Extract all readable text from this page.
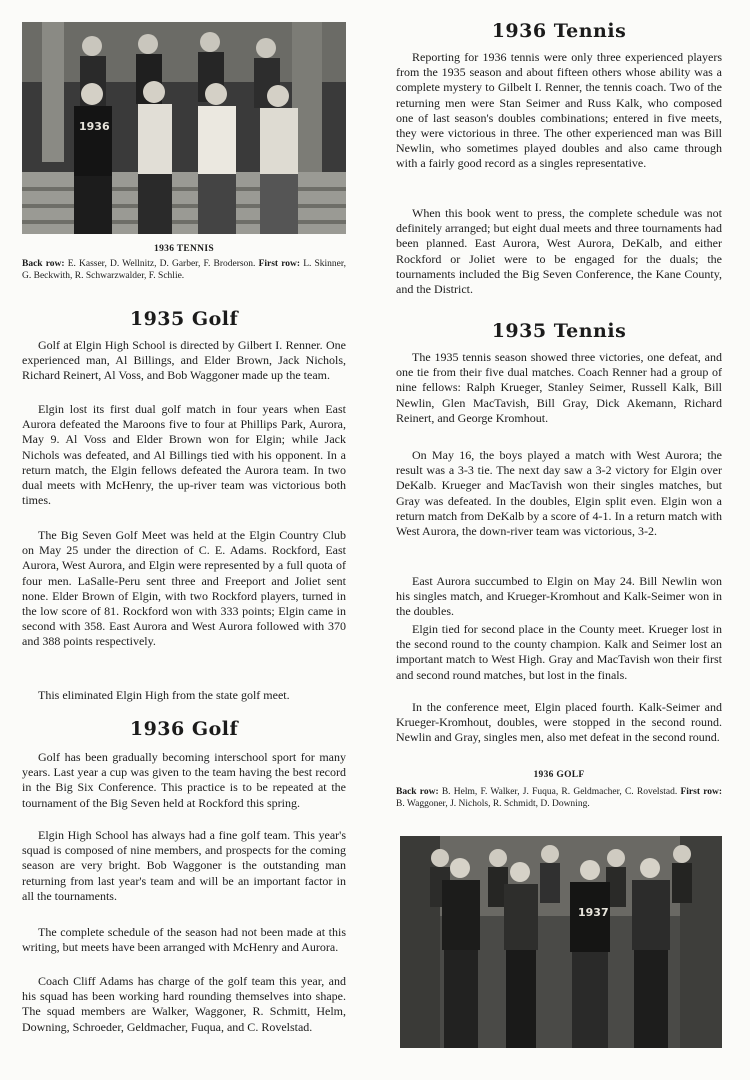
1936
1936 TENNIS
Back row: E. Kasser, D. Wellnitz, D. Garber, F. Broderson. First row: L. Skinner, G. Beckwith, R. Schwarzwalder, F. Schlie.
1935 Golf

Golf at Elgin High School is directed by Gilbert I. Renner. One experienced man, Al Billings, and Elder Brown, Jack Nichols, Richard Reinert, Al Voss, and Bob Waggoner made up the team.

Elgin lost its first dual golf match in four years when East Aurora defeated the Maroons five to four at Phillips Park, Aurora, May 9. Al Voss and Elder Brown won for Elgin; while Jack Nichols was defeated, and Al Billings tied with his opponent. In a return match, the Elgin fellows defeated the Aurora team. In two dual meets with McHenry, the up-river team was victorious both times.

The Big Seven Golf Meet was held at the Elgin Country Club on May 25 under the direction of C. E. Adams. Rockford, East Aurora, West Aurora, and Elgin were represented by a full quota of four men. LaSalle-Peru sent three and Freeport and Joliet sent none. Elder Brown of Elgin, with two Rockford players, turned in the low score of 81. Rockford won with 333 points; Elgin came in second with 358. East Aurora and West Aurora followed with 370 and 388 points respectively.

This eliminated Elgin High from the state golf meet.

1936 Golf

Golf has been gradually becoming interschool sport for many years. Last year a cup was given to the team having the best record in the Big Six Conference. This practice is to be repeated at the tournament of the Big Seven held at Rockford this spring.

Elgin High School has always had a fine golf team. This year's squad is composed of nine members, and prospects for the coming season are very bright. Bob Waggoner is the outstanding man returning from last year's team and will be an important factor in all the tournaments.

The complete schedule of the season had not been made at this writing, but meets have been arranged with McHenry and Aurora.

Coach Cliff Adams has charge of the golf team this year, and his squad has been working hard rounding themselves into shape. The squad members are Walker, Waggoner, R. Schmitt, Helm, Downing, Schroeder, Geldmacher, Fuqua, and C. Rovelstad.

1936 Tennis

Reporting for 1936 tennis were only three experienced players from the 1935 season and about fifteen others whose ability was a complete mystery to Gilbelt I. Renner, the tennis coach. Two of the returning men were Stan Seimer and Russ Kalk, who composed one of last season's doubles combinations; entered in five meets, they were victorious in three. The other experienced man was Bill Newlin, who sometimes played doubles and also came through with a fairly good record as a singles representative.

When this book went to press, the complete schedule was not definitely arranged; but eight dual meets and three tournaments had been planned. East Aurora, West Aurora, DeKalb, and either Rockford or Joliet were to be engaged for the duals; the tournaments included the Big Seven Conference, the Kane County, and the District.

1935 Tennis

The 1935 tennis season showed three victories, one defeat, and one tie from their five dual matches. Coach Renner had a group of nine fellows: Ralph Krueger, Stanley Seimer, Russell Kalk, Bill Newlin, Glen MacTavish, Bill Gray, Dick Akemann, Richard Reinert, and George Kromhout.

On May 16, the boys played a match with West Aurora; the result was a 3-3 tie. The next day saw a 3-2 victory for Elgin over DeKalb. Krueger and MacTavish won their singles matches, but Gray was defeated. In the doubles, Elgin split even. Elgin won a return match from DeKalb by a score of 4-1. In a return match with West Aurora, the down-river team was victorious, 3-2.

East Aurora succumbed to Elgin on May 24. Bill Newlin won his singles match, and Krueger-Kromhout and Kalk-Seimer won in the doubles.

Elgin tied for second place in the County meet. Krueger lost in the second round to the county champion. Kalk and Seimer lost an important match to West High. Gray and MacTavish won their first and second round matches, but lost in the finals.

In the conference meet, Elgin placed fourth. Kalk-Seimer and Krueger-Kromhout, doubles, were stopped in the second round. Newlin and Gray, singles men, also met defeat in the second round.

1936 GOLF
Back row: B. Helm, F. Walker, J. Fuqua, R. Geldmacher, C. Rovelstad. First row: B. Waggoner, J. Nichols, R. Schmidt, D. Downing.
1937
